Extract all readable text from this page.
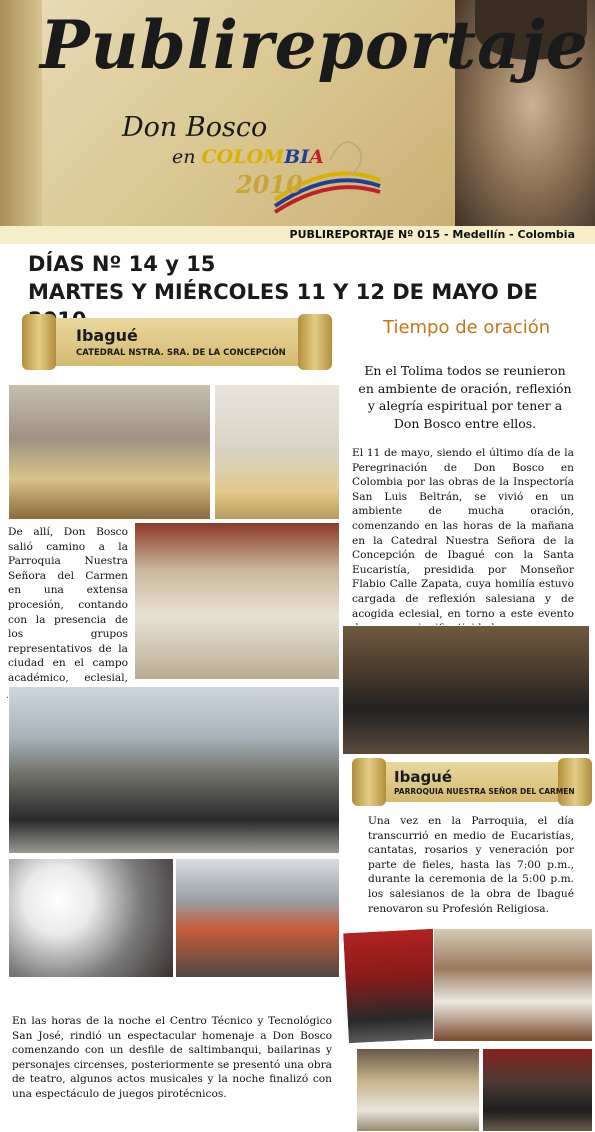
Publireportaje
Don Bosco
en COLOMBIA
2010
PUBLIREPORTAJE Nº 015 - Medellín - Colombia
DÍAS Nº 14 y 15
MARTES Y MIÉRCOLES 11 Y 12 DE MAYO DE
Ibagué
CATEDRAL NSTRA. SRA. DE LA CONCEPCIÓN
Tiempo de oración
En el Tolima todos se reunieron en ambiente de oración, reflexión y alegría espiritual por tener a Don Bosco entre ellos.
El 11 de mayo, siendo el último día de la Peregrinación de Don Bosco en Colombia por las obras de la Inspectoría San Luis Beltrán, se vivió en un ambiente de mucha oración, comenzando en las horas de la mañana en la Catedral Nuestra Señora de la Concepción de Ibagué con la Santa Eucaristía, presidida por Monseñor Flabio Calle Zapata, cuya homilía estuvo cargada de reflexión salesiana y de acogida eclesial, en torno a este evento
De allí, Don Bosco salió camino a la Parroquia Nuestra Señora del Carmen en una extensa procesión, contando con la presencia de los grupos representativos de la ciudad en el campo académico, eclesial,
Ibagué
PARROQUIA NUESTRA SEÑOR DEL CARMEN
Una vez en la Parroquia, el día transcurrió en medio de Eucaristías, cantatas, rosarios y veneración por parte de fieles, hasta las 7:00 p.m., durante la ceremonia de la 5:00 p.m. los salesianos de la obra de Ibagué renovaron su Profesión Religiosa.
En las horas de la noche el Centro Técnico y Tecnológico San José, rindió un espectacular homenaje a Don Bosco comenzando con un desfile de saltimbanqui, bailarinas y personajes circenses, posteriormente se presentó una obra de teatro, algunos actos musicales y la noche finalizó con una espectáculo de juegos pirotécnicos.
